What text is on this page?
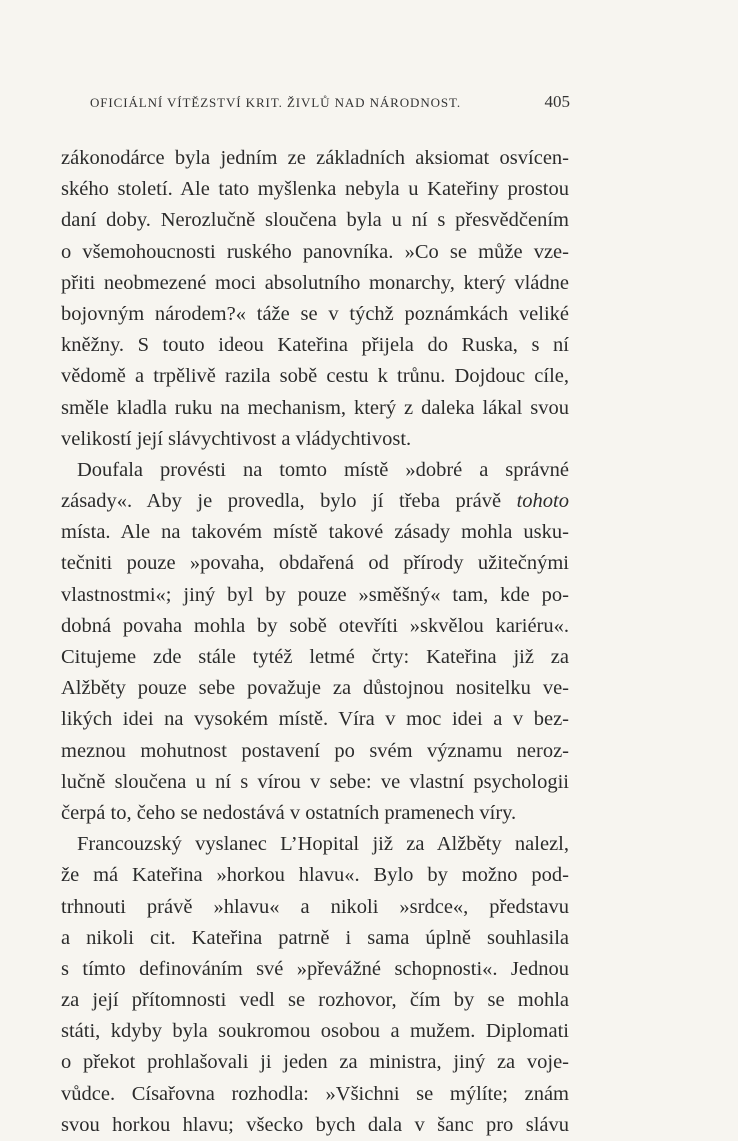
OFICIÁLNÍ VÍTĚZSTVÍ KRIT. ŽIVLŮ NAD NÁRODNOST.	405
zákonodárce byla jedním ze základních aksiomat osvícen-
ského století. Ale tato myšlenka nebyla u Kateřiny prostou
daní doby. Nerozlučně sloučena byla u ní s přesvědčením
o všemohoucnosti ruského panovníka. »Co se může vze-
přiti neobmezené moci absolutního monarchy, který vládne
bojovným národem?« táže se v týchž poznámkách veliké
kněžny. S touto ideou Kateřina přijela do Ruska, s ní
vědomě a trpělivě razila sobě cestu k trůnu. Dojdouc cíle,
směle kladla ruku na mechanism, který z daleka lákal svou
velikostí její slávychtivost a vládychtivost.
Doufala provésti na tomto místě »dobré a správné
zásady«. Aby je provedla, bylo jí třeba právě tohoto
místa. Ale na takovém místě takové zásady mohla usku-
tečniti pouze »povaha, obdařená od přírody užitečnými
vlastnostmi«; jiný byl by pouze »směšný« tam, kde po-
dobná povaha mohla by sobě otevříti »skvělou kariéru«.
Citujeme zde stále tytéž letmé črty: Kateřina již za
Alžběty pouze sebe považuje za důstojnou nositelku ve-
likých idei na vysokém místě. Víra v moc idei a v bez-
meznou mohutnost postavení po svém významu neroz-
lučně sloučena u ní s vírou v sebe: ve vlastní psychologii
čerpá to, čeho se nedostává v ostatních pramenech víry.
Francouzský vyslanec L’Hopital již za Alžběty nalezl,
že má Kateřina »horkou hlavu«. Bylo by možno pod-
trhnouti právě »hlavu« a nikoli »srdce«, představu
a nikoli cit. Kateřina patrně i sama úplně souhlasila
s tímto definováním své »převážné schopnosti«. Jednou
za její přítomnosti vedl se rozhovor, čím by se mohla
státi, kdyby byla soukromou osobou a mužem. Diplomati
o překot prohlašovali ji jeden za ministra, jiný za voje-
vůdce. Císařovna rozhodla: »Všichni se mýlíte; znám
svou horkou hlavu; všecko bych dala v šanc pro slávu
